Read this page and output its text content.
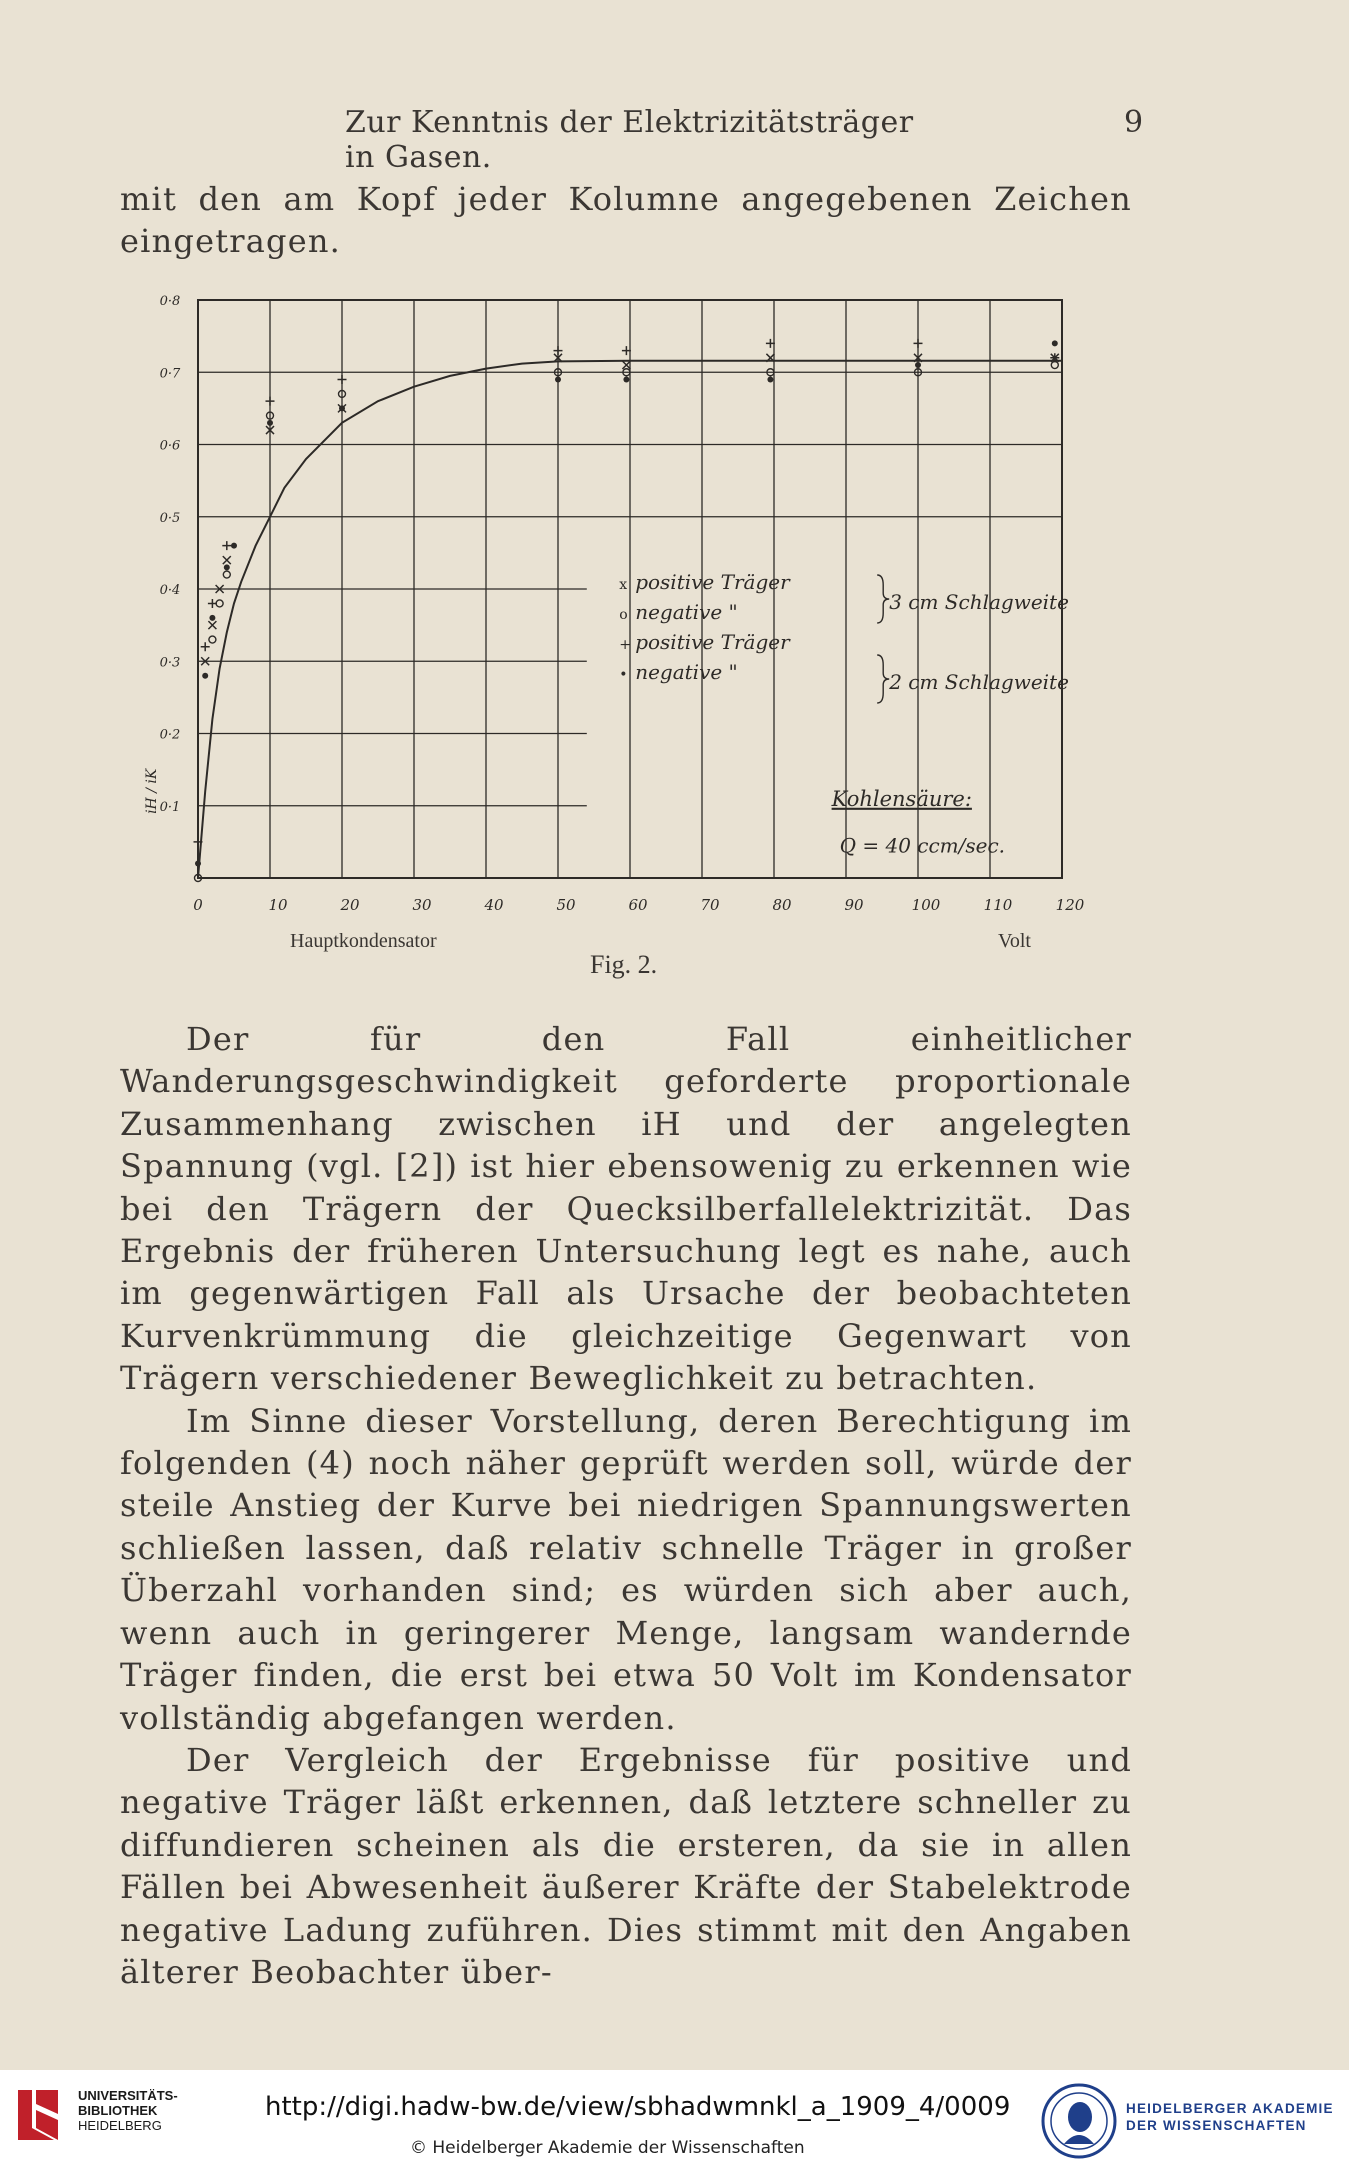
Zur Kenntnis der Elektrizitätsträger in Gasen.
9

mit den am Kopf jeder Kolumne angegebenen Zeichen eingetragen.

0	10	20	30	40	50	60	70	80	90	100	110	120
0·1
0·2
0·3
0·4
0·5
0·6
0·7
0·8
iH / iK
x positive Träger
o negative "
+ positive Träger
• negative "
3 cm Schlagweite
2 cm Schlagweite
Kohlensäure:
Q = 40 ccm/sec.
Hauptkondensator	Volt
Fig. 2.

Der für den Fall einheitlicher Wanderungsgeschwindigkeit geforderte proportionale Zusammenhang zwischen iH und der angelegten Spannung (vgl. [2]) ist hier ebensowenig zu erkennen wie bei den Trägern der Quecksilberfallelektrizität. Das Ergebnis der früheren Untersuchung legt es nahe, auch im gegenwärtigen Fall als Ursache der beobachteten Kurvenkrümmung die gleichzeitige Gegenwart von Trägern verschiedener Beweglichkeit zu betrachten.

Im Sinne dieser Vorstellung, deren Berechtigung im folgenden (4) noch näher geprüft werden soll, würde der steile Anstieg der Kurve bei niedrigen Spannungswerten schließen lassen, daß relativ schnelle Träger in großer Überzahl vorhanden sind; es würden sich aber auch, wenn auch in geringerer Menge, langsam wandernde Träger finden, die erst bei etwa 50 Volt im Kondensator vollständig abgefangen werden.

Der Vergleich der Ergebnisse für positive und negative Träger läßt erkennen, daß letztere schneller zu diffundieren scheinen als die ersteren, da sie in allen Fällen bei Abwesenheit äußerer Kräfte der Stabelektrode negative Ladung zuführen. Dies stimmt mit den Angaben älterer Beobachter über-

UNIVERSITÄTS-
BIBLIOTHEK
HEIDELBERG
http://digi.hadw-bw.de/view/sbhadwmnkl_a_1909_4/0009
© Heidelberger Akademie der Wissenschaften
HEIDELBERGER AKADEMIE
DER WISSENSCHAFTEN
